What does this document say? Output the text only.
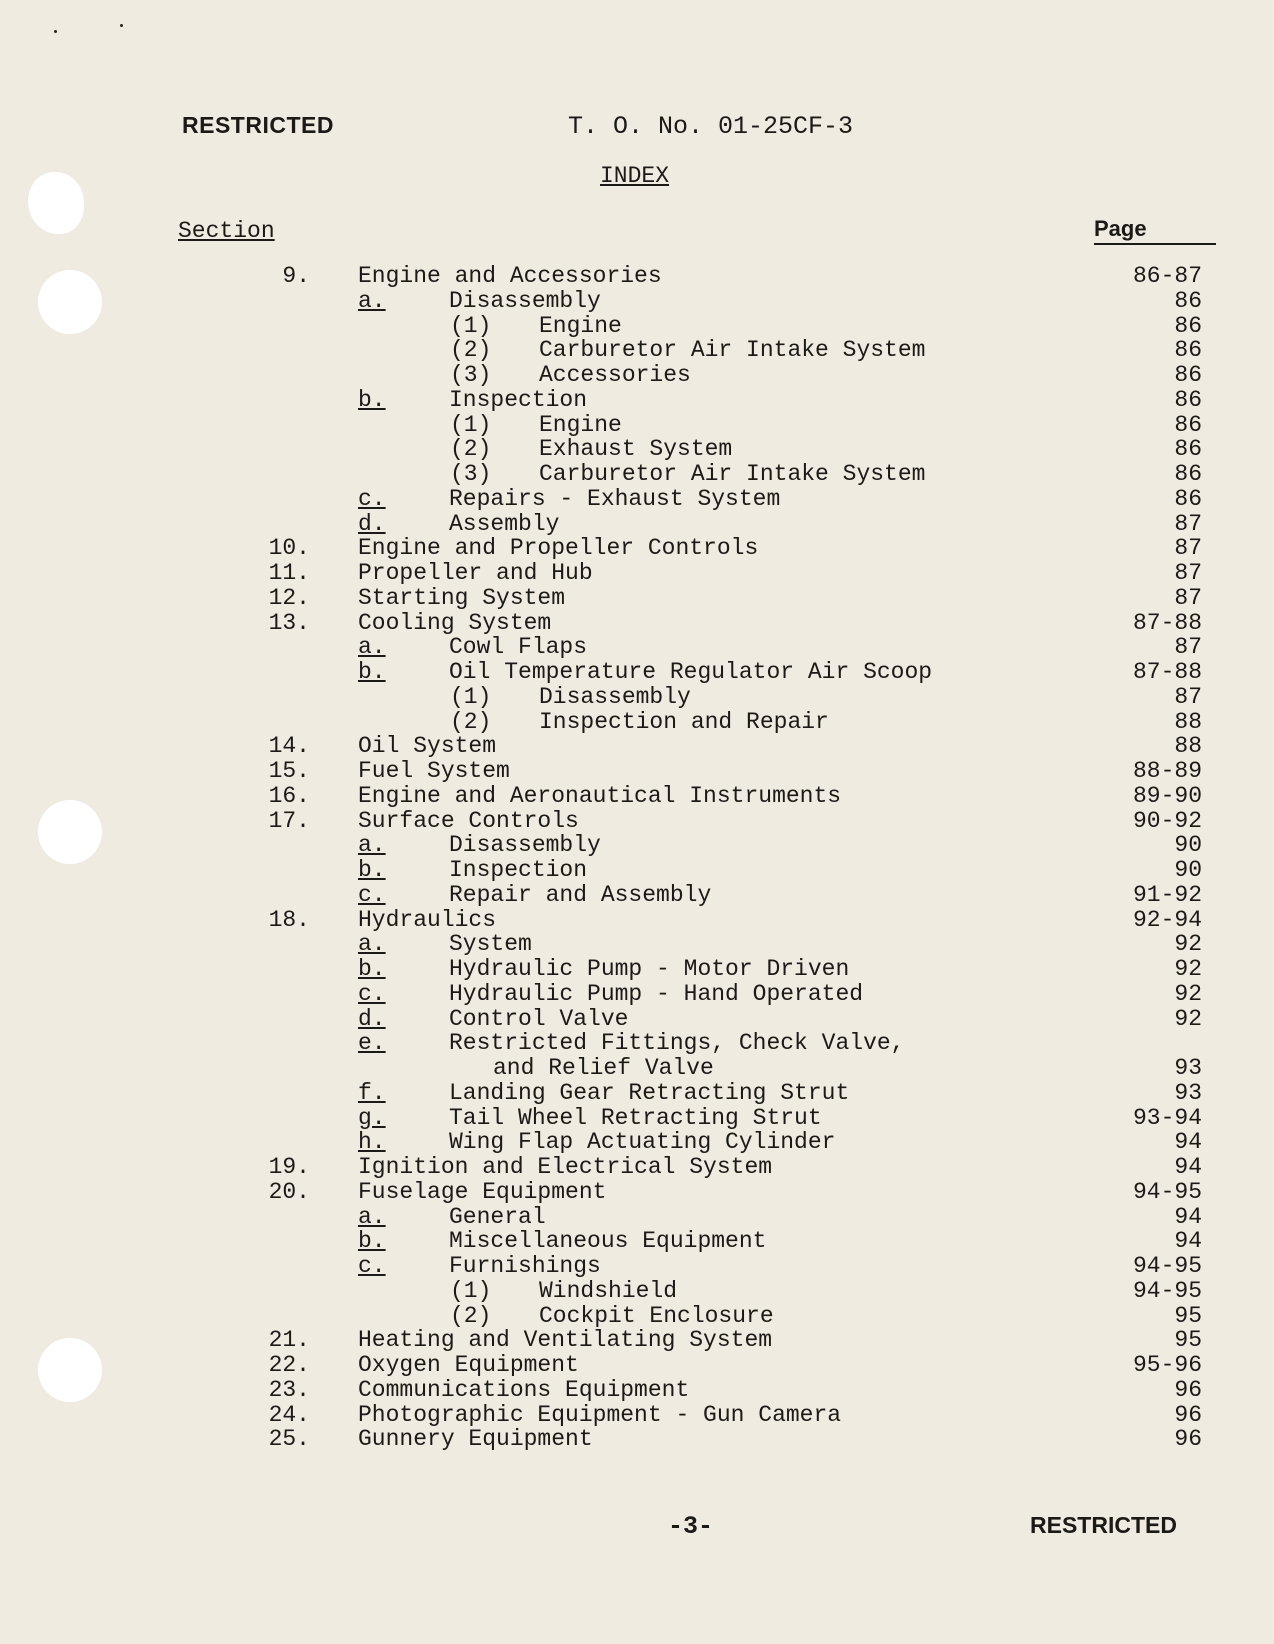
RESTRICTED	T. O. No. 01-25CF-3
INDEX
Section	Page
9. Engine and Accessories	86-87
a.	Disassembly	86
(1) Engine	86
(2) Carburetor Air Intake System	86
(3) Accessories	86
b.	Inspection	86
(1) Engine	86
(2) Exhaust System	86
(3) Carburetor Air Intake System	86
c.	Repairs - Exhaust System	86
d.	Assembly	87
10. Engine and Propeller Controls	87
11. Propeller and Hub	87
12. Starting System	87
13. Cooling System	87-88
a.	Cowl Flaps	87
b.	Oil Temperature Regulator Air Scoop	87-88
(1) Disassembly	87
(2) Inspection and Repair	88
14. Oil System	88
15. Fuel System	88-89
16. Engine and Aeronautical Instruments	89-90
17. Surface Controls	90-92
a.	Disassembly	90
b.	Inspection	90
c.	Repair and Assembly	91-92
18. Hydraulics	92-94
a.	System	92
b.	Hydraulic Pump - Motor Driven	92
c.	Hydraulic Pump - Hand Operated	92
d.	Control Valve	92
e.	Restricted Fittings, Check Valve,
and Relief Valve	93
f.	Landing Gear Retracting Strut	93
g.	Tail Wheel Retracting Strut	93-94
h.	Wing Flap Actuating Cylinder	94
19. Ignition and Electrical System	94
20. Fuselage Equipment	94-95
a.	General	94
b.	Miscellaneous Equipment	94
c.	Furnishings	94-95
(1) Windshield	94-95
(2) Cockpit Enclosure	95
21. Heating and Ventilating System	95
22. Oxygen Equipment	95-96
23. Communications Equipment	96
24. Photographic Equipment - Gun Camera	96
25. Gunnery Equipment	96
-3-	RESTRICTED
